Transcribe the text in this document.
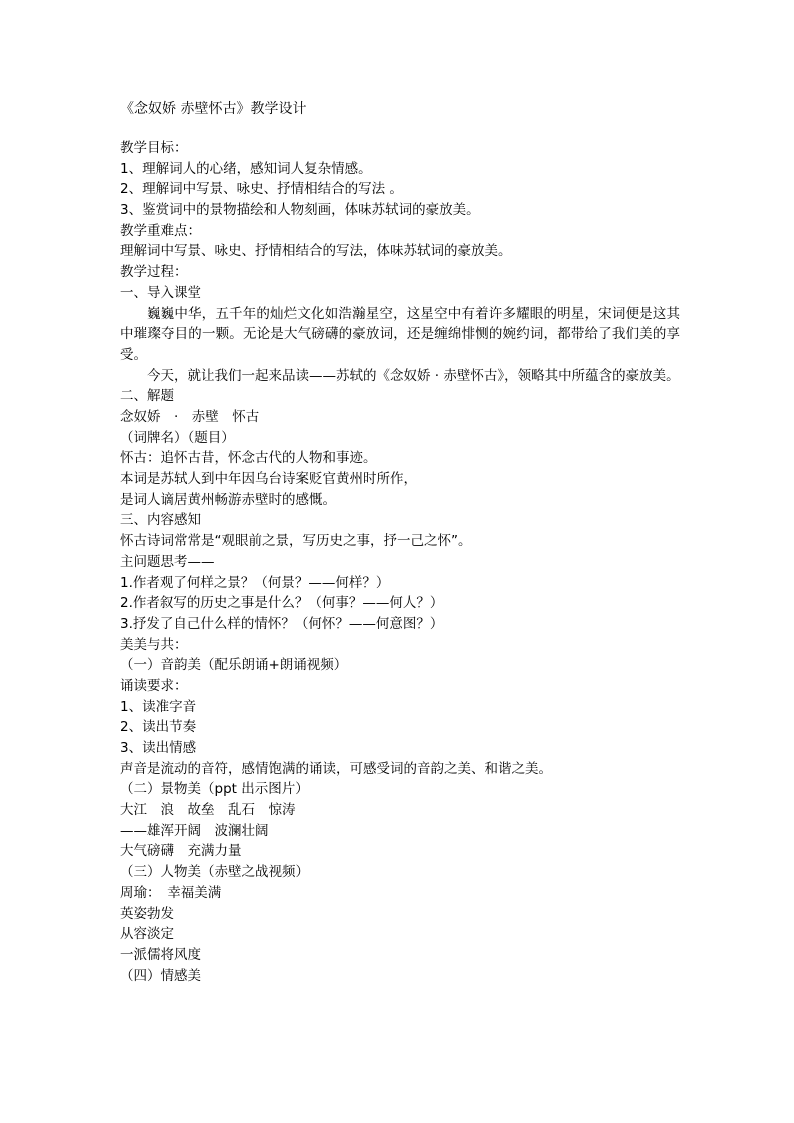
《念奴娇 赤壁怀古》教学设计
教学目标：
1、理解词人的心绪，感知词人复杂情感。
2、理解词中写景、咏史、抒情相结合的写法 。
3、鉴赏词中的景物描绘和人物刻画，体味苏轼词的豪放美。
教学重难点：
理解词中写景、咏史、抒情相结合的写法，体味苏轼词的豪放美。
教学过程：
一、导入课堂
巍巍中华，五千年的灿烂文化如浩瀚星空，这星空中有着许多耀眼的明星，宋词便是这其中璀璨夺目的一颗。无论是大气磅礴的豪放词，还是缠绵悱恻的婉约词，都带给了我们美的享受。
今天，就让我们一起来品读——苏轼的《念奴娇 · 赤壁怀古》，领略其中所蕴含的豪放美。
二、解题
念奴娇　·　赤壁　怀古
（词牌名）（题目）
怀古：追怀古昔，怀念古代的人物和事迹。
本词是苏轼人到中年因乌台诗案贬官黄州时所作，
是词人谪居黄州畅游赤壁时的感慨。
三、内容感知
怀古诗词常常是“观眼前之景，写历史之事，抒一己之怀”。
主问题思考——
1.作者观了何样之景？（何景？——何样？）
2.作者叙写的历史之事是什么？（何事？——何人？）
3.抒发了自己什么样的情怀？（何怀？——何意图？）
美美与共：
（一）音韵美（配乐朗诵+朗诵视频）
诵读要求：
1、读准字音
2、读出节奏
3、读出情感
声音是流动的音符，感情饱满的诵读，可感受词的音韵之美、和谐之美。
（二）景物美（ppt 出示图片）
大江　浪　故垒　乱石　惊涛
——雄浑开阔　波澜壮阔
大气磅礴　充满力量
（三）人物美（赤壁之战视频）
周瑜：　幸福美满
英姿勃发
从容淡定
一派儒将风度
（四）情感美
